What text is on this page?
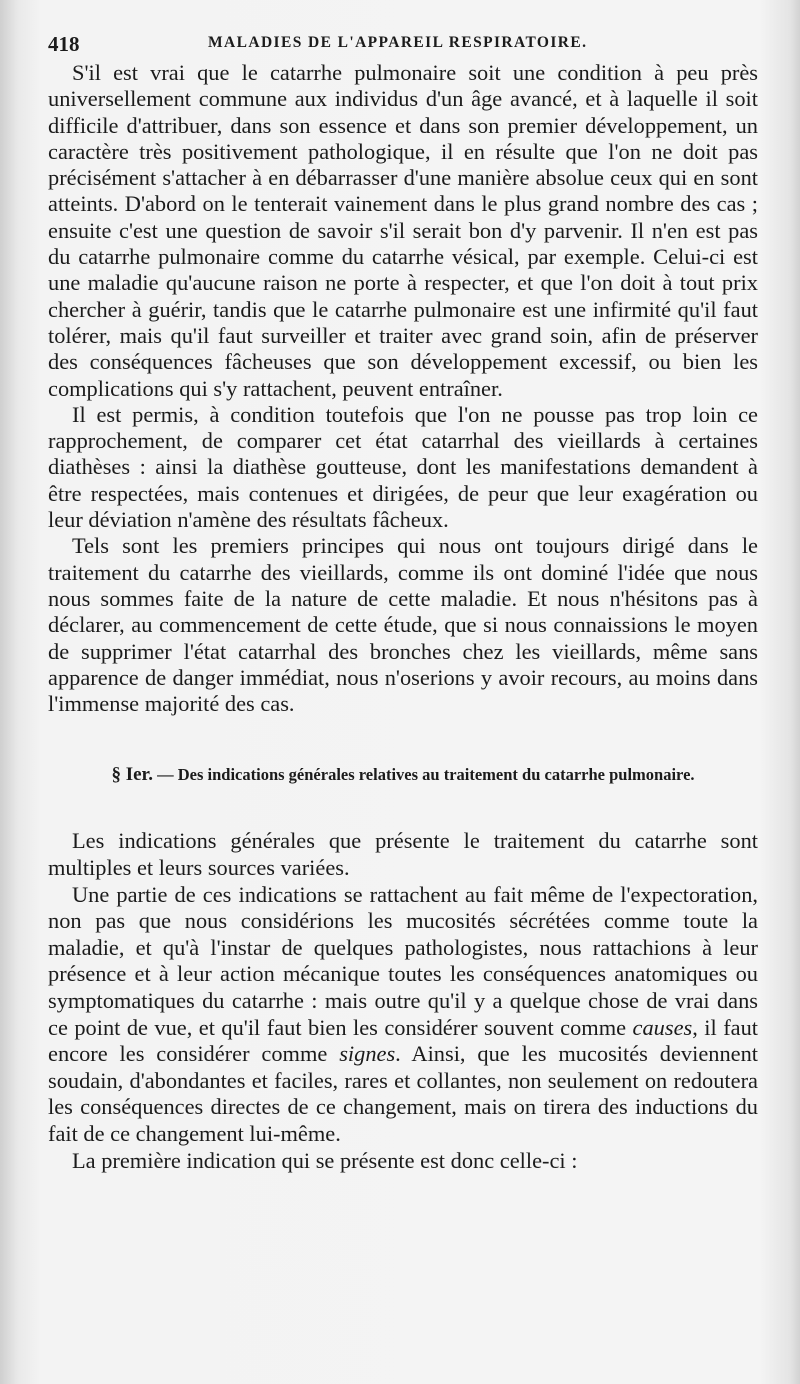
418	MALADIES DE L'APPAREIL RESPIRATOIRE.

S'il est vrai que le catarrhe pulmonaire soit une condition à peu près universellement commune aux individus d'un âge avancé, et à laquelle il soit difficile d'attribuer, dans son essence et dans son premier développement, un caractère très positivement pathologique, il en résulte que l'on ne doit pas précisément s'attacher à en débarrasser d'une manière absolue ceux qui en sont atteints. D'abord on le tenterait vainement dans le plus grand nombre des cas ; ensuite c'est une question de savoir s'il serait bon d'y parvenir. Il n'en est pas du catarrhe pulmonaire comme du catarrhe vésical, par exemple. Celui-ci est une maladie qu'aucune raison ne porte à respecter, et que l'on doit à tout prix chercher à guérir, tandis que le catarrhe pulmonaire est une infirmité qu'il faut tolérer, mais qu'il faut surveiller et traiter avec grand soin, afin de préserver des conséquences fâcheuses que son développement excessif, ou bien les complications qui s'y rattachent, peuvent entraîner.

Il est permis, à condition toutefois que l'on ne pousse pas trop loin ce rapprochement, de comparer cet état catarrhal des vieillards à certaines diathèses : ainsi la diathèse goutteuse, dont les manifestations demandent à être respectées, mais contenues et dirigées, de peur que leur exagération ou leur déviation n'amène des résultats fâcheux.

Tels sont les premiers principes qui nous ont toujours dirigé dans le traitement du catarrhe des vieillards, comme ils ont dominé l'idée que nous nous sommes faite de la nature de cette maladie. Et nous n'hésitons pas à déclarer, au commencement de cette étude, que si nous connaissions le moyen de supprimer l'état catarrhal des bronches chez les vieillards, même sans apparence de danger immédiat, nous n'oserions y avoir recours, au moins dans l'immense majorité des cas.

§ Ier. — Des indications générales relatives au traitement du catarrhe pulmonaire.

Les indications générales que présente le traitement du catarrhe sont multiples et leurs sources variées.

Une partie de ces indications se rattachent au fait même de l'expectoration, non pas que nous considérions les mucosités sécrétées comme toute la maladie, et qu'à l'instar de quelques pathologistes, nous rattachions à leur présence et à leur action mécanique toutes les conséquences anatomiques ou symptomatiques du catarrhe : mais outre qu'il y a quelque chose de vrai dans ce point de vue, et qu'il faut bien les considérer souvent comme causes, il faut encore les considérer comme signes. Ainsi, que les mucosités deviennent soudain, d'abondantes et faciles, rares et collantes, non seulement on redoutera les conséquences directes de ce changement, mais on tirera des inductions du fait de ce changement lui-même.

La première indication qui se présente est donc celle-ci :
